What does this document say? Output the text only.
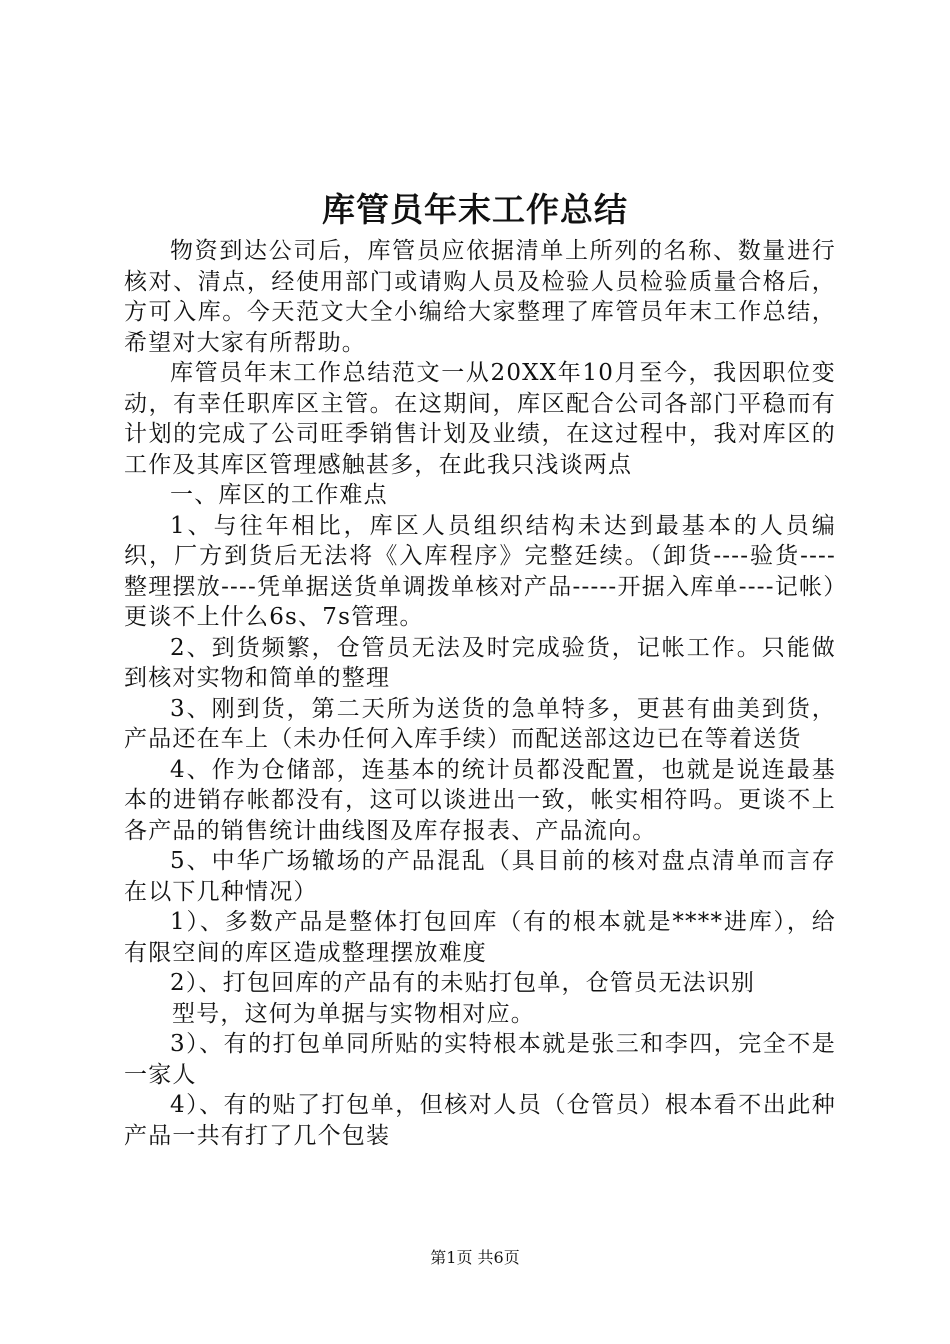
库管员年末工作总结

物资到达公司后，库管员应依据清单上所列的名称、数量进行核对、清点，经使用部门或请购人员及检验人员检验质量合格后，方可入库。今天范文大全小编给大家整理了库管员年末工作总结，希望对大家有所帮助。

库管员年末工作总结范文一从20XX年10月至今，我因职位变动，有幸任职库区主管。在这期间，库区配合公司各部门平稳而有计划的完成了公司旺季销售计划及业绩，在这过程中，我对库区的工作及其库区管理感触甚多，在此我只浅谈两点

一、库区的工作难点

1、与往年相比，库区人员组织结构未达到最基本的人员编织，厂方到货后无法将《入库程序》完整廷续。（卸货----验货----整理摆放----凭单据送货单调拨单核对产品-----开据入库单----记帐）更谈不上什么6s、7s管理。

2、到货频繁，仓管员无法及时完成验货，记帐工作。只能做到核对实物和简单的整理

3、刚到货，第二天所为送货的急单特多，更甚有曲美到货，产品还在车上（未办任何入库手续）而配送部这边已在等着送货

4、作为仓储部，连基本的统计员都没配置，也就是说连最基本的进销存帐都没有，这可以谈进出一致，帐实相符吗。更谈不上各产品的销售统计曲线图及库存报表、产品流向。

5、中华广场辙场的产品混乱（具目前的核对盘点清单而言存在以下几种情况）

1）、多数产品是整体打包回库（有的根本就是****进库），给有限空间的库区造成整理摆放难度

2）、打包回库的产品有的未贴打包单，仓管员无法识别

型号，这何为单据与实物相对应。

3）、有的打包单同所贴的实特根本就是张三和李四，完全不是一家人

4）、有的贴了打包单，但核对人员（仓管员）根本看不出此种产品一共有打了几个包装

第1页 共6页
